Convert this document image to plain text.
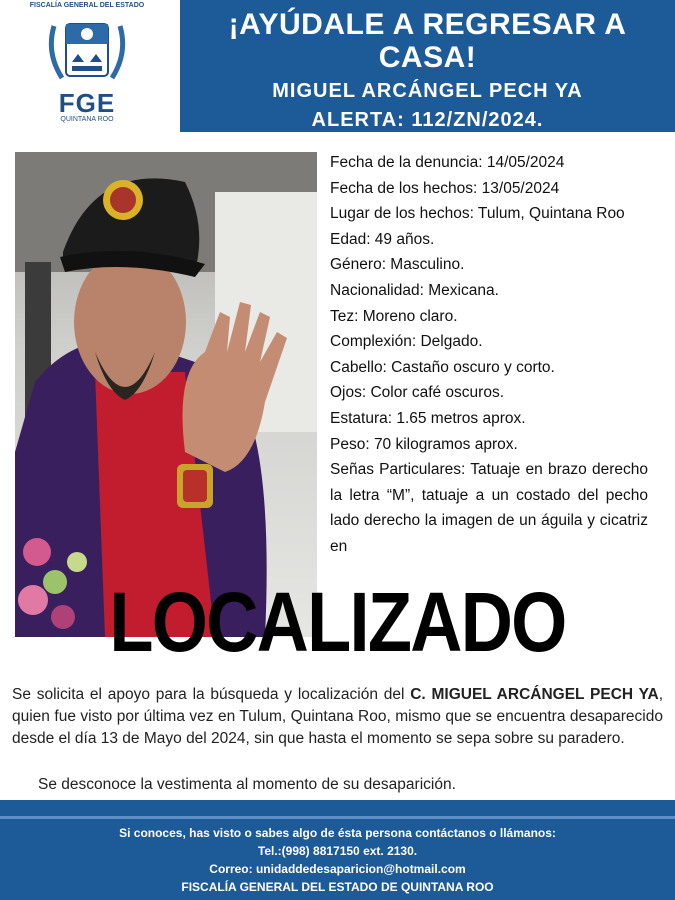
FISCALÍA GENERAL DEL ESTADO
FGE
QUINTANA ROO
¡AYÚDALE A REGRESAR A CASA!
MIGUEL ARCÁNGEL PECH YA
ALERTA: 112/ZN/2024.
Fecha de la denuncia: 14/05/2024
Fecha de los hechos: 13/05/2024
Lugar de los hechos: Tulum, Quintana Roo
Edad: 49 años.
Género: Masculino.
Nacionalidad: Mexicana.
Tez: Moreno claro.
Complexión: Delgado.
Cabello: Castaño oscuro y corto.
Ojos: Color café oscuros.
Estatura: 1.65 metros aprox.
Peso: 70 kilogramos aprox.
Señas Particulares: Tatuaje en brazo derecho la letra “M”, tatuaje a un costado del pecho lado derecho la imagen de un águila y cicatriz en
LOCALIZADO
Se solicita el apoyo para la búsqueda y localización del C. MIGUEL ARCÁNGEL PECH YA, quien fue visto por última vez en Tulum, Quintana Roo, mismo que se encuentra desaparecido desde el día 13 de Mayo del 2024, sin que hasta el momento se sepa sobre su paradero.
Se desconoce la vestimenta al momento de su desaparición.
Si conoces, has visto o sabes algo de ésta persona contáctanos o llámanos:
Tel.:(998) 8817150 ext. 2130.
Correo: unidaddedesaparicion@hotmail.com
FISCALÍA GENERAL DEL ESTADO DE QUINTANA ROO
